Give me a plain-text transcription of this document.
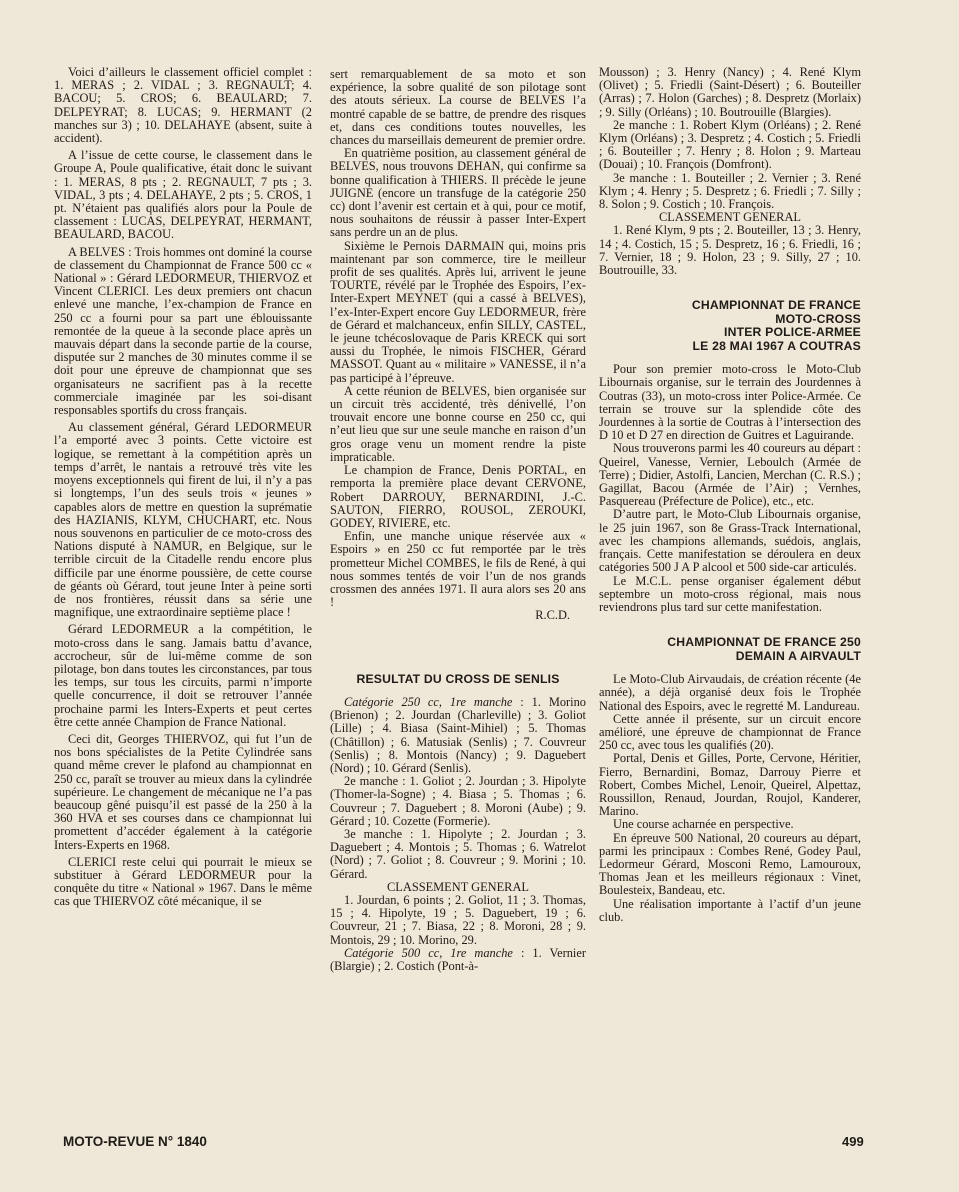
Voici d’ailleurs le classement officiel complet : 1. MERAS ; 2. VIDAL ; 3. REGNAULT; 4. BACOU; 5. CROS; 6. BEAULARD; 7. DELPEYRAT; 8. LUCAS; 9. HERMANT (2 manches sur 3) ; 10. DELAHAYE (absent, suite à accident).

A l’issue de cette course, le classement dans le Groupe A, Poule qualificative, était donc le suivant : 1. MERAS, 8 pts ; 2. REGNAULT, 7 pts ; 3. VIDAL, 3 pts ; 4. DELAHAYE, 2 pts ; 5. CROS, 1 pt. N’étaient pas qualifiés alors pour la Poule de classement : LUCAS, DELPEYRAT, HERMANT, BEAULARD, BACOU.

A BELVES : Trois hommes ont dominé la course de classement du Championnat de France 500 cc « National » : Gérard LEDORMEUR, THIERVOZ et Vincent CLERICI. Les deux premiers ont chacun enlevé une manche, l’ex-champion de France en 250 cc a fourni pour sa part une éblouissante remontée de la queue à la seconde place après un mauvais départ dans la seconde partie de la course, disputée sur 2 manches de 30 minutes comme il se doit pour une épreuve de championnat que ses organisateurs ne sacrifient pas à la recette commerciale imaginée par les soi-disant responsables sportifs du cross français.

Au classement général, Gérard LEDORMEUR l’a emporté avec 3 points. Cette victoire est logique, se remettant à la compétition après un temps d’arrêt, le nantais a retrouvé très vite les moyens exceptionnels qui firent de lui, il n’y a pas si longtemps, l’un des seuls trois « jeunes » capables alors de mettre en question la suprématie des HAZIANIS, KLYM, CHUCHART, etc. Nous nous souvenons en particulier de ce moto-cross des Nations disputé à NAMUR, en Belgique, sur le terrible circuit de la Citadelle rendu encore plus difficile par une énorme poussière, de cette course de géants où Gérard, tout jeune Inter à peine sorti de nos frontières, réussit dans sa série une magnifique, une extraordinaire septième place !

Gérard LEDORMEUR a la compétition, le moto-cross dans le sang. Jamais battu d’avance, accrocheur, sûr de lui-même comme de son pilotage, bon dans toutes les circonstances, par tous les temps, sur tous les circuits, parmi n’importe quelle concurrence, il doit se retrouver l’année prochaine parmi les Inters-Experts et peut certes être cette année Champion de France National.

Ceci dit, Georges THIERVOZ, qui fut l’un de nos bons spécialistes de la Petite Cylindrée sans quand même crever le plafond au championnat en 250 cc, paraît se trouver au mieux dans la cylindrée supérieure. Le changement de mécanique ne l’a pas beaucoup gêné puisqu’il est passé de la 250 à la 360 HVA et ses courses dans ce championnat lui promettent d’accéder également à la catégorie Inters-Experts en 1968.

CLERICI reste celui qui pourrait le mieux se substituer à Gérard LEDORMEUR pour la conquête du titre « National » 1967. Dans le même cas que THIERVOZ côté mécanique, il se

sert remarquablement de sa moto et son expérience, la sobre qualité de son pilotage sont des atouts sérieux. La course de BELVES l’a montré capable de se battre, de prendre des risques et, dans ces conditions toutes nouvelles, les chances du marseillais demeurent de premier ordre.

En quatrième position, au classement général de BELVES, nous trouvons DEHAN, qui confirme sa bonne qualification à THIERS. Il précède le jeune JUIGNE (encore un transfuge de la catégorie 250 cc) dont l’avenir est certain et à qui, pour ce motif, nous souhaitons de réussir à passer Inter-Expert sans perdre un an de plus.

Sixième le Pernois DARMAIN qui, moins pris maintenant par son commerce, tire le meilleur profit de ses qualités. Après lui, arrivent le jeune TOURTE, révélé par le Trophée des Espoirs, l’ex-Inter-Expert MEYNET (qui a cassé à BELVES), l’ex-Inter-Expert encore Guy LEDORMEUR, frère de Gérard et malchanceux, enfin SILLY, CASTEL, le jeune tchécoslovaque de Paris KRECK qui sort aussi du Trophée, le nimois FISCHER, Gérard MASSOT. Quant au « militaire » VANESSE, il n’a pas participé à l’épreuve.

A cette réunion de BELVES, bien organisée sur un circuit très accidenté, très dénivellé, l’on trouvait encore une bonne course en 250 cc, qui n’eut lieu que sur une seule manche en raison d’un gros orage venu un moment rendre la piste impraticable.

Le champion de France, Denis PORTAL, en remporta la première place devant CERVONE, Robert DARROUY, BERNARDINI, J.-C. SAUTON, FIERRO, ROUSOL, ZEROUKI, GODEY, RIVIERE, etc.

Enfin, une manche unique réservée aux « Espoirs » en 250 cc fut remportée par le très prometteur Michel COMBES, le fils de René, à qui nous sommes tentés de voir l’un de nos grands crossmen des années 1971. Il aura alors ses 20 ans !

R.C.D.

RESULTAT DU CROSS DE SENLIS

Catégorie 250 cc, 1re manche : 1. Morino (Brienon) ; 2. Jourdan (Charleville) ; 3. Goliot (Lille) ; 4. Biasa (Saint-Mihiel) ; 5. Thomas (Châtillon) ; 6. Matusiak (Senlis) ; 7. Couvreur (Senlis) ; 8. Montois (Nancy) ; 9. Daguebert (Nord) ; 10. Gérard (Senlis).

2e manche : 1. Goliot ; 2. Jourdan ; 3. Hipolyte (Thomer-la-Sogne) ; 4. Biasa ; 5. Thomas ; 6. Couvreur ; 7. Daguebert ; 8. Moroni (Aube) ; 9. Gérard ; 10. Cozette (Formerie).

3e manche : 1. Hipolyte ; 2. Jourdan ; 3. Daguebert ; 4. Montois ; 5. Thomas ; 6. Watrelot (Nord) ; 7. Goliot ; 8. Couvreur ; 9. Morini ; 10. Gérard.

CLASSEMENT GENERAL

1. Jourdan, 6 points ; 2. Goliot, 11 ; 3. Thomas, 15 ; 4. Hipolyte, 19 ; 5. Daguebert, 19 ; 6. Couvreur, 21 ; 7. Biasa, 22 ; 8. Moroni, 28 ; 9. Montois, 29 ; 10. Morino, 29.

Catégorie 500 cc, 1re manche : 1. Vernier (Blargie) ; 2. Costich (Pont-à-

Mousson) ; 3. Henry (Nancy) ; 4. René Klym (Olivet) ; 5. Friedli (Saint-Désert) ; 6. Bouteiller (Arras) ; 7. Holon (Garches) ; 8. Despretz (Morlaix) ; 9. Silly (Orléans) ; 10. Boutrouille (Blargies).

2e manche : 1. Robert Klym (Orléans) ; 2. René Klym (Orléans) ; 3. Despretz ; 4. Costich ; 5. Friedli ; 6. Bouteiller ; 7. Henry ; 8. Holon ; 9. Marteau (Douai) ; 10. François (Domfront).

3e manche : 1. Bouteiller ; 2. Vernier ; 3. René Klym ; 4. Henry ; 5. Despretz ; 6. Friedli ; 7. Silly ; 8. Solon ; 9. Costich ; 10. François.

CLASSEMENT GENERAL

1. René Klym, 9 pts ; 2. Bouteiller, 13 ; 3. Henry, 14 ; 4. Costich, 15 ; 5. Despretz, 16 ; 6. Friedli, 16 ; 7. Vernier, 18 ; 9. Holon, 23 ; 9. Silly, 27 ; 10. Boutrouille, 33.

CHAMPIONNAT DE FRANCE

MOTO-CROSS

INTER POLICE-ARMEE

LE 28 MAI 1967 A COUTRAS

Pour son premier moto-cross le Moto-Club Libournais organise, sur le terrain des Jourdennes à Coutras (33), un moto-cross inter Police-Armée. Ce terrain se trouve sur la splendide côte des Jourdennes à la sortie de Coutras à l’intersection des D 10 et D 27 en direction de Guitres et Laguirande.

Nous trouverons parmi les 40 coureurs au départ : Queirel, Vanesse, Vernier, Leboulch (Armée de Terre) ; Didier, Astolfi, Lancien, Merchan (C. R.S.) ; Gagillat, Bacou (Armée de l’Air) ; Vernhes, Pasquereau (Préfecture de Police), etc., etc.

D’autre part, le Moto-Club Libournais organise, le 25 juin 1967, son 8e Grass-Track International, avec les champions allemands, suédois, anglais, français. Cette manifestation se déroulera en deux catégories 500 J A P alcool et 500 side-car articulés.

Le M.C.L. pense organiser également début septembre un moto-cross régional, mais nous reviendrons plus tard sur cette manifestation.

CHAMPIONNAT DE FRANCE 250

DEMAIN A AIRVAULT

Le Moto-Club Airvaudais, de création récente (4e année), a déjà organisé deux fois le Trophée National des Espoirs, avec le regretté M. Landureau.

Cette année il présente, sur un circuit encore amélioré, une épreuve de championnat de France 250 cc, avec tous les qualifiés (20).

Portal, Denis et Gilles, Porte, Cervone, Héritier, Fierro, Bernardini, Bomaz, Darrouy Pierre et Robert, Combes Michel, Lenoir, Queirel, Alpettaz, Roussillon, Renaud, Jourdan, Roujol, Kanderer, Marino.

Une course acharnée en perspective.

En épreuve 500 National, 20 coureurs au départ, parmi les principaux : Combes René, Godey Paul, Ledormeur Gérard, Mosconi Remo, Lamouroux, Thomas Jean et les meilleurs régionaux : Vinet, Boulesteix, Bandeau, etc.

Une réalisation importante à l’actif d’un jeune club.

MOTO-REVUE N° 1840	499
